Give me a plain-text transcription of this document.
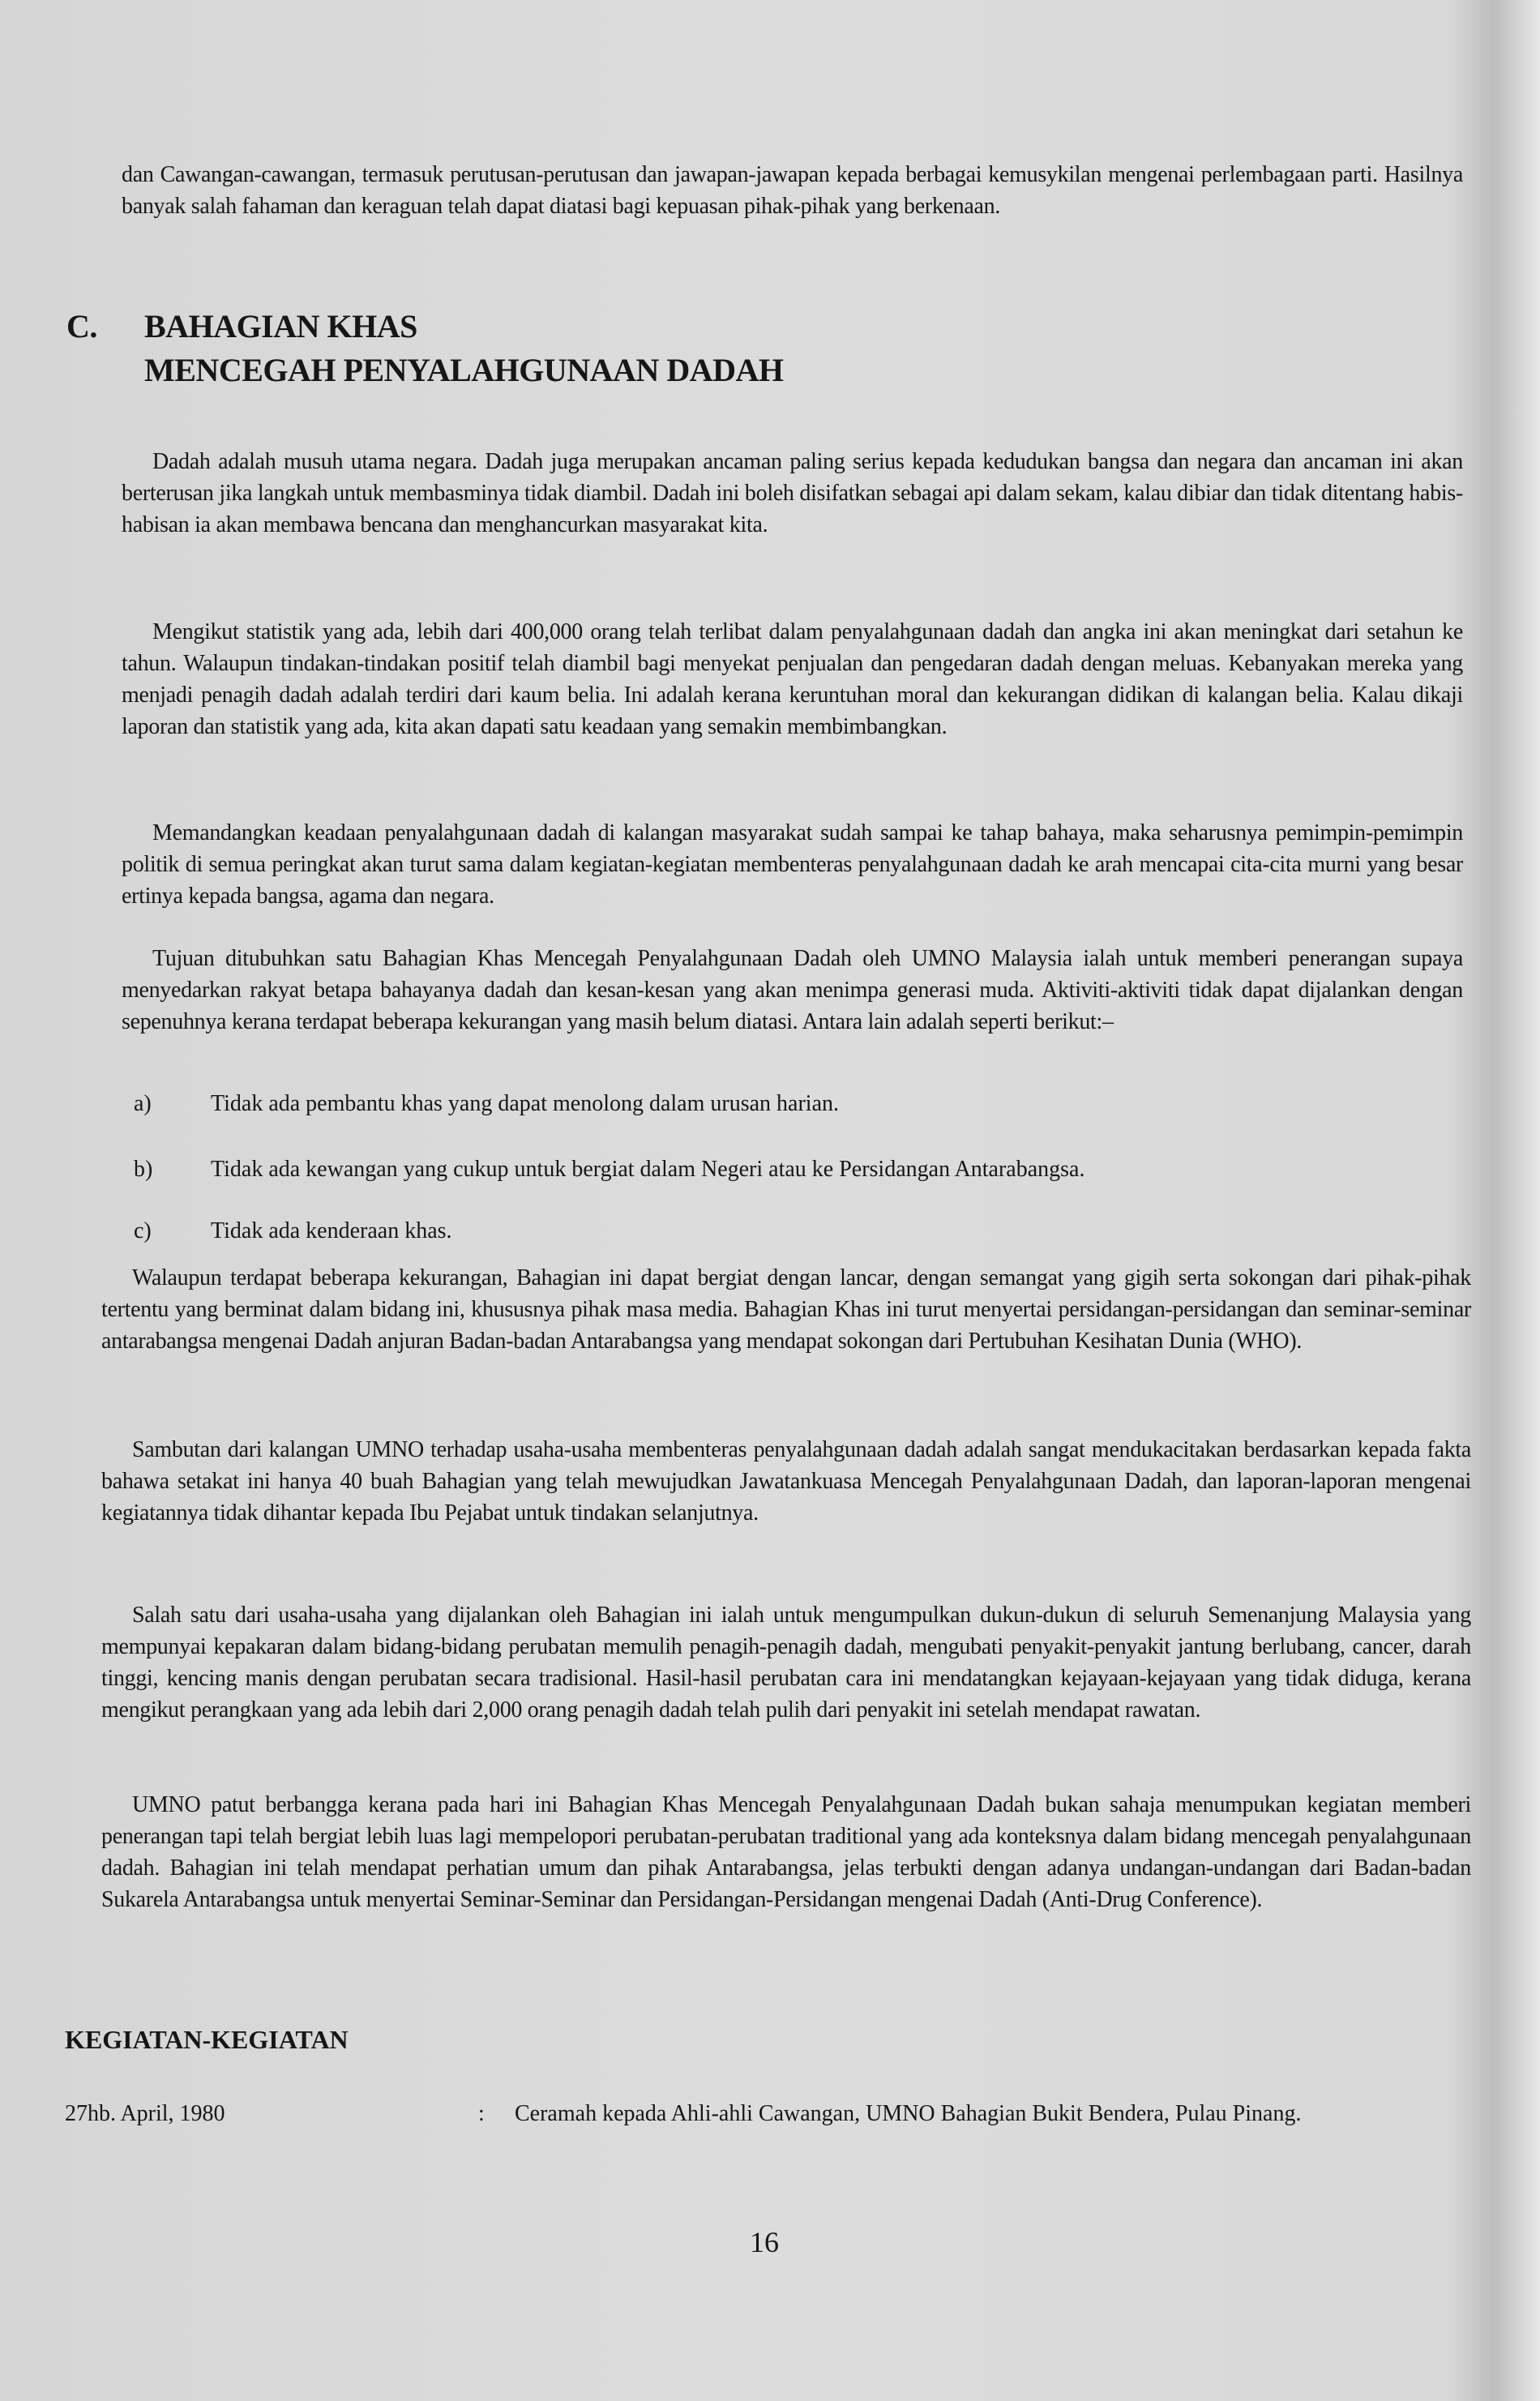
dan Cawangan-cawangan, termasuk perutusan-perutusan dan jawapan-jawapan kepada berbagai kemusykilan mengenai perlembagaan parti. Hasilnya banyak salah fahaman dan keraguan telah dapat diatasi bagi kepuasan pihak-pihak yang berkenaan.

C. BAHAGIAN KHAS
MENCEGAH PENYALAHGUNAAN DADAH

Dadah adalah musuh utama negara. Dadah juga merupakan ancaman paling serius kepada kedudukan bangsa dan negara dan ancaman ini akan berterusan jika langkah untuk membasminya tidak diambil. Dadah ini boleh disifatkan sebagai api dalam sekam, kalau dibiar dan tidak ditentang habis-habisan ia akan membawa bencana dan menghancurkan masyarakat kita.

Mengikut statistik yang ada, lebih dari 400,000 orang telah terlibat dalam penyalahgunaan dadah dan angka ini akan meningkat dari setahun ke tahun. Walaupun tindakan-tindakan positif telah diambil bagi menyekat penjualan dan pengedaran dadah dengan meluas. Kebanyakan mereka yang menjadi penagih dadah adalah terdiri dari kaum belia. Ini adalah kerana keruntuhan moral dan kekurangan didikan di kalangan belia. Kalau dikaji laporan dan statistik yang ada, kita akan dapati satu keadaan yang semakin membimbangkan.

Memandangkan keadaan penyalahgunaan dadah di kalangan masyarakat sudah sampai ke tahap bahaya, maka seharusnya pemimpin-pemimpin politik di semua peringkat akan turut sama dalam kegiatan-kegiatan membenteras penyalahgunaan dadah ke arah mencapai cita-cita murni yang besar ertinya kepada bangsa, agama dan negara.

Tujuan ditubuhkan satu Bahagian Khas Mencegah Penyalahgunaan Dadah oleh UMNO Malaysia ialah untuk memberi penerangan supaya menyedarkan rakyat betapa bahayanya dadah dan kesan-kesan yang akan menimpa generasi muda. Aktiviti-aktiviti tidak dapat dijalankan dengan sepenuhnya kerana terdapat beberapa kekurangan yang masih belum diatasi. Antara lain adalah seperti berikut:–

a)	Tidak ada pembantu khas yang dapat menolong dalam urusan harian.
b)	Tidak ada kewangan yang cukup untuk bergiat dalam Negeri atau ke Persidangan Antarabangsa.
c)	Tidak ada kenderaan khas.

Walaupun terdapat beberapa kekurangan, Bahagian ini dapat bergiat dengan lancar, dengan semangat yang gigih serta sokongan dari pihak-pihak tertentu yang berminat dalam bidang ini, khususnya pihak masa media. Bahagian Khas ini turut menyertai persidangan-persidangan dan seminar-seminar antarabangsa mengenai Dadah anjuran Badan-badan Antarabangsa yang mendapat sokongan dari Pertubuhan Kesihatan Dunia (WHO).

Sambutan dari kalangan UMNO terhadap usaha-usaha membenteras penyalahgunaan dadah adalah sangat mendukacitakan berdasarkan kepada fakta bahawa setakat ini hanya 40 buah Bahagian yang telah mewujudkan Jawatankuasa Mencegah Penyalahgunaan Dadah, dan laporan-laporan mengenai kegiatannya tidak dihantar kepada Ibu Pejabat untuk tindakan selanjutnya.

Salah satu dari usaha-usaha yang dijalankan oleh Bahagian ini ialah untuk mengumpulkan dukun-dukun di seluruh Semenanjung Malaysia yang mempunyai kepakaran dalam bidang-bidang perubatan memulih penagih-penagih dadah, mengubati penyakit-penyakit jantung berlubang, cancer, darah tinggi, kencing manis dengan perubatan secara tradisional. Hasil-hasil perubatan cara ini mendatangkan kejayaan-kejayaan yang tidak diduga, kerana mengikut perangkaan yang ada lebih dari 2,000 orang penagih dadah telah pulih dari penyakit ini setelah mendapat rawatan.

UMNO patut berbangga kerana pada hari ini Bahagian Khas Mencegah Penyalahgunaan Dadah bukan sahaja menumpukan kegiatan memberi penerangan tapi telah bergiat lebih luas lagi mempelopori perubatan-perubatan traditional yang ada konteksnya dalam bidang mencegah penyalahgunaan dadah. Bahagian ini telah mendapat perhatian umum dan pihak Antarabangsa, jelas terbukti dengan adanya undangan-undangan dari Badan-badan Sukarela Antarabangsa untuk menyertai Seminar-Seminar dan Persidangan-Persidangan mengenai Dadah (Anti-Drug Conference).

KEGIATAN-KEGIATAN
27hb. April, 1980	: Ceramah kepada Ahli-ahli Cawangan, UMNO Bahagian Bukit Bendera, Pulau Pinang.
16
